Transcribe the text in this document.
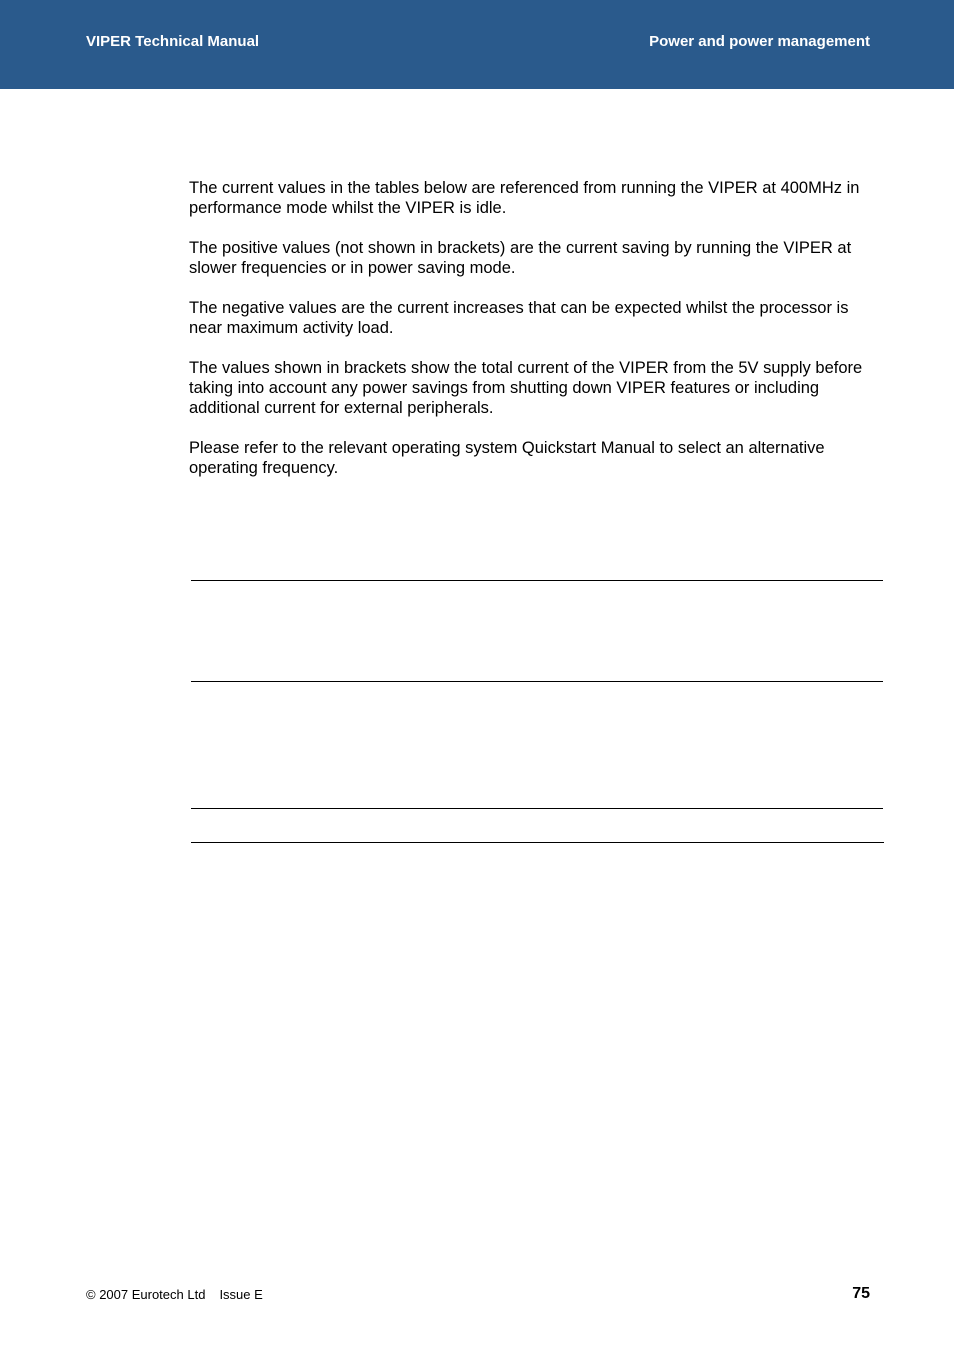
VIPER Technical Manual	Power and power management

The current values in the tables below are referenced from running the VIPER at 400MHz in performance mode whilst the VIPER is idle.

The positive values (not shown in brackets) are the current saving by running the VIPER at slower frequencies or in power saving mode.

The negative values are the current increases that can be expected whilst the processor is near maximum activity load.

The values shown in brackets show the total current of the VIPER from the 5V supply before taking into account any power savings from shutting down VIPER features or including additional current for external peripherals.

Please refer to the relevant operating system Quickstart Manual to select an alternative operating frequency.

© 2007 Eurotech Ltd Issue E	75
